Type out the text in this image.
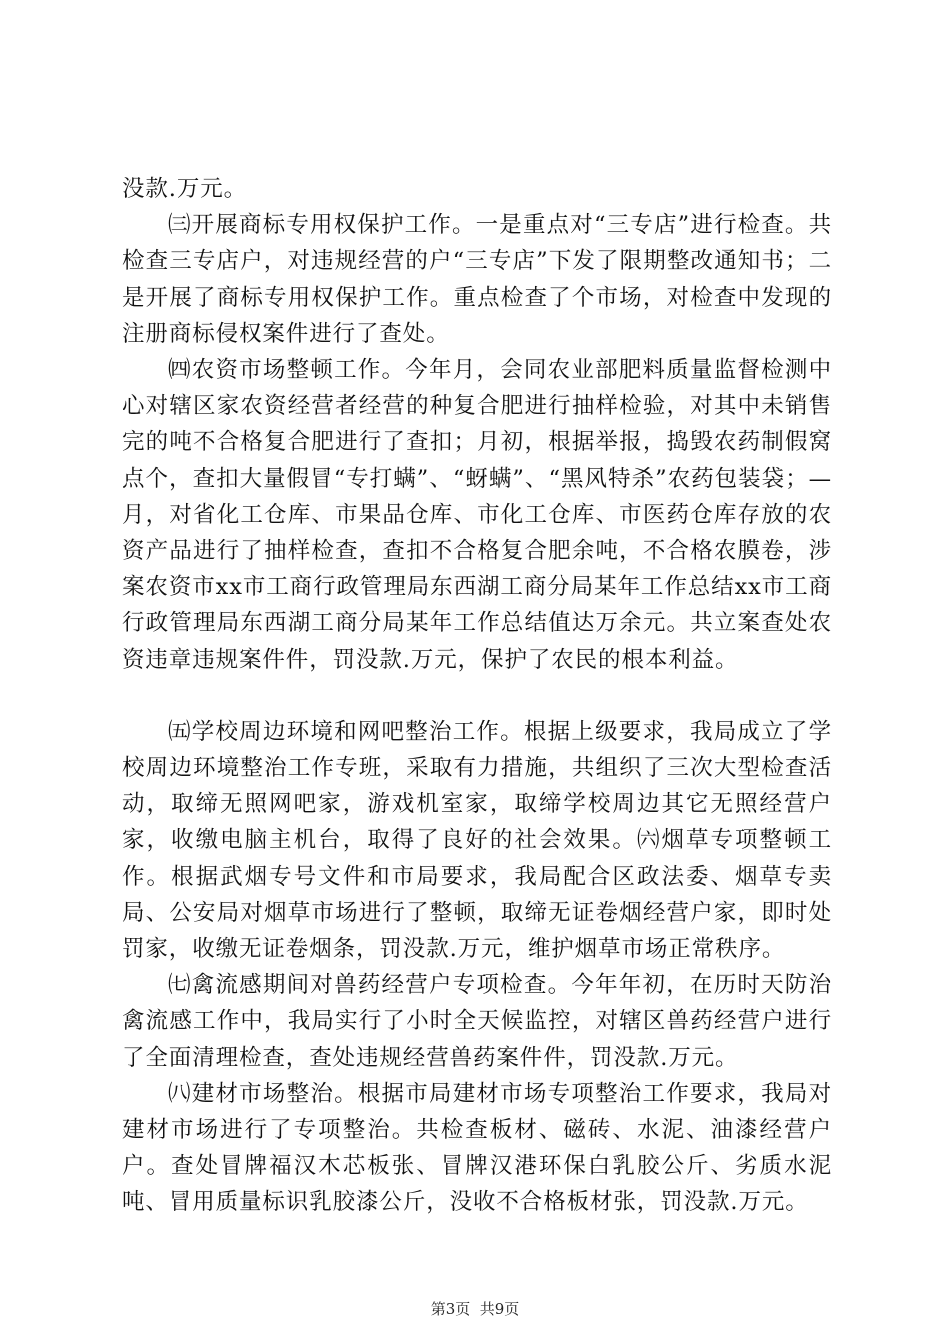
没款.万元。

㈢开展商标专用权保护工作。一是重点对“三专店”进行检查。共检查三专店户，对违规经营的户“三专店”下发了限期整改通知书；二是开展了商标专用权保护工作。重点检查了个市场，对检查中发现的注册商标侵权案件进行了查处。

㈣农资市场整顿工作。今年月，会同农业部肥料质量监督检测中心对辖区家农资经营者经营的种复合肥进行抽样检验，对其中未销售完的吨不合格复合肥进行了查扣；月初，根据举报，捣毁农药制假窝点个，查扣大量假冒“专打螨”、“蚜螨”、“黑风特杀”农药包装袋；—月，对省化工仓库、市果品仓库、市化工仓库、市医药仓库存放的农资产品进行了抽样检查，查扣不合格复合肥余吨，不合格农膜卷，涉案农资市xx市工商行政管理局东西湖工商分局某年工作总结xx市工商行政管理局东西湖工商分局某年工作总结值达万余元。共立案查处农资违章违规案件件，罚没款.万元，保护了农民的根本利益。

㈤学校周边环境和网吧整治工作。根据上级要求，我局成立了学校周边环境整治工作专班，采取有力措施，共组织了三次大型检查活动，取缔无照网吧家，游戏机室家，取缔学校周边其它无照经营户家，收缴电脑主机台，取得了良好的社会效果。㈥烟草专项整顿工作。根据武烟专号文件和市局要求，我局配合区政法委、烟草专卖局、公安局对烟草市场进行了整顿，取缔无证卷烟经营户家，即时处罚家，收缴无证卷烟条，罚没款.万元，维护烟草市场正常秩序。

㈦禽流感期间对兽药经营户专项检查。今年年初，在历时天防治禽流感工作中，我局实行了小时全天候监控，对辖区兽药经营户进行了全面清理检查，查处违规经营兽药案件件，罚没款.万元。

㈧建材市场整治。根据市局建材市场专项整治工作要求，我局对建材市场进行了专项整治。共检查板材、磁砖、水泥、油漆经营户户。查处冒牌福汉木芯板张、冒牌汉港环保白乳胶公斤、劣质水泥吨、冒用质量标识乳胶漆公斤，没收不合格板材张，罚没款.万元。

第3页  共9页
